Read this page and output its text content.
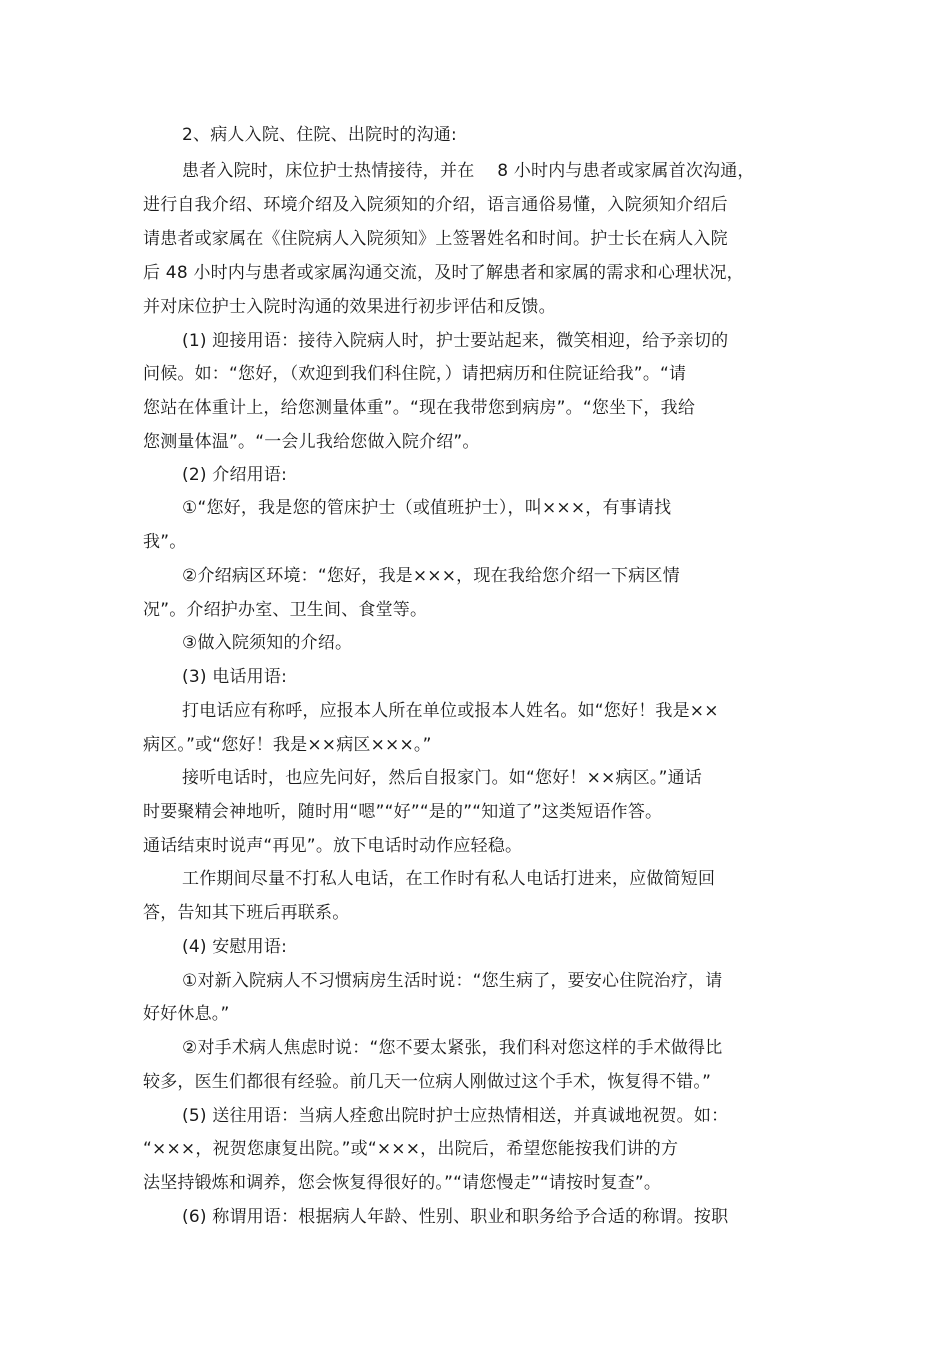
2、病人入院、住院、出院时的沟通:
患者入院时，床位护士热情接待，并在　 8 小时内与患者或家属首次沟通，
进行自我介绍、环境介绍及入院须知的介绍，语言通俗易懂，入院须知介绍后
请患者或家属在《住院病人入院须知》上签署姓名和时间。护士长在病人入院
后 48 小时内与患者或家属沟通交流，及时了解患者和家属的需求和心理状况，
并对床位护士入院时沟通的效果进行初步评估和反馈。
(1) 迎接用语：接待入院病人时，护士要站起来，微笑相迎，给予亲切的
问候。如：“您好，（欢迎到我们科住院，）请把病历和住院证给我”。“请
您站在体重计上，给您测量体重”。“现在我带您到病房”。“您坐下，我给
您测量体温”。“一会儿我给您做入院介绍”。
(2) 介绍用语:
①“您好，我是您的管床护士（或值班护士），叫×××，有事请找
我”。
②介绍病区环境：“您好，我是×××，现在我给您介绍一下病区情
况”。介绍护办室、卫生间、食堂等。
③做入院须知的介绍。
(3) 电话用语:
打电话应有称呼，应报本人所在单位或报本人姓名。如“您好！我是××
病区。”或“您好！我是××病区×××。”
接听电话时，也应先问好，然后自报家门。如“您好！××病区。”通话
时要聚精会神地听，随时用“嗯”“好”“是的”“知道了”这类短语作答。
通话结束时说声“再见”。放下电话时动作应轻稳。
工作期间尽量不打私人电话，在工作时有私人电话打进来，应做简短回
答，告知其下班后再联系。
(4) 安慰用语:
①对新入院病人不习惯病房生活时说：“您生病了，要安心住院治疗，请
好好休息。”
②对手术病人焦虑时说：“您不要太紧张，我们科对您这样的手术做得比
较多，医生们都很有经验。前几天一位病人刚做过这个手术，恢复得不错。”
(5) 送往用语：当病人痊愈出院时护士应热情相送，并真诚地祝贺。如：
“×××，祝贺您康复出院。”或“×××，出院后，希望您能按我们讲的方
法坚持锻炼和调养，您会恢复得很好的。”“请您慢走”“请按时复查”。
(6) 称谓用语：根据病人年龄、性别、职业和职务给予合适的称谓。按职
